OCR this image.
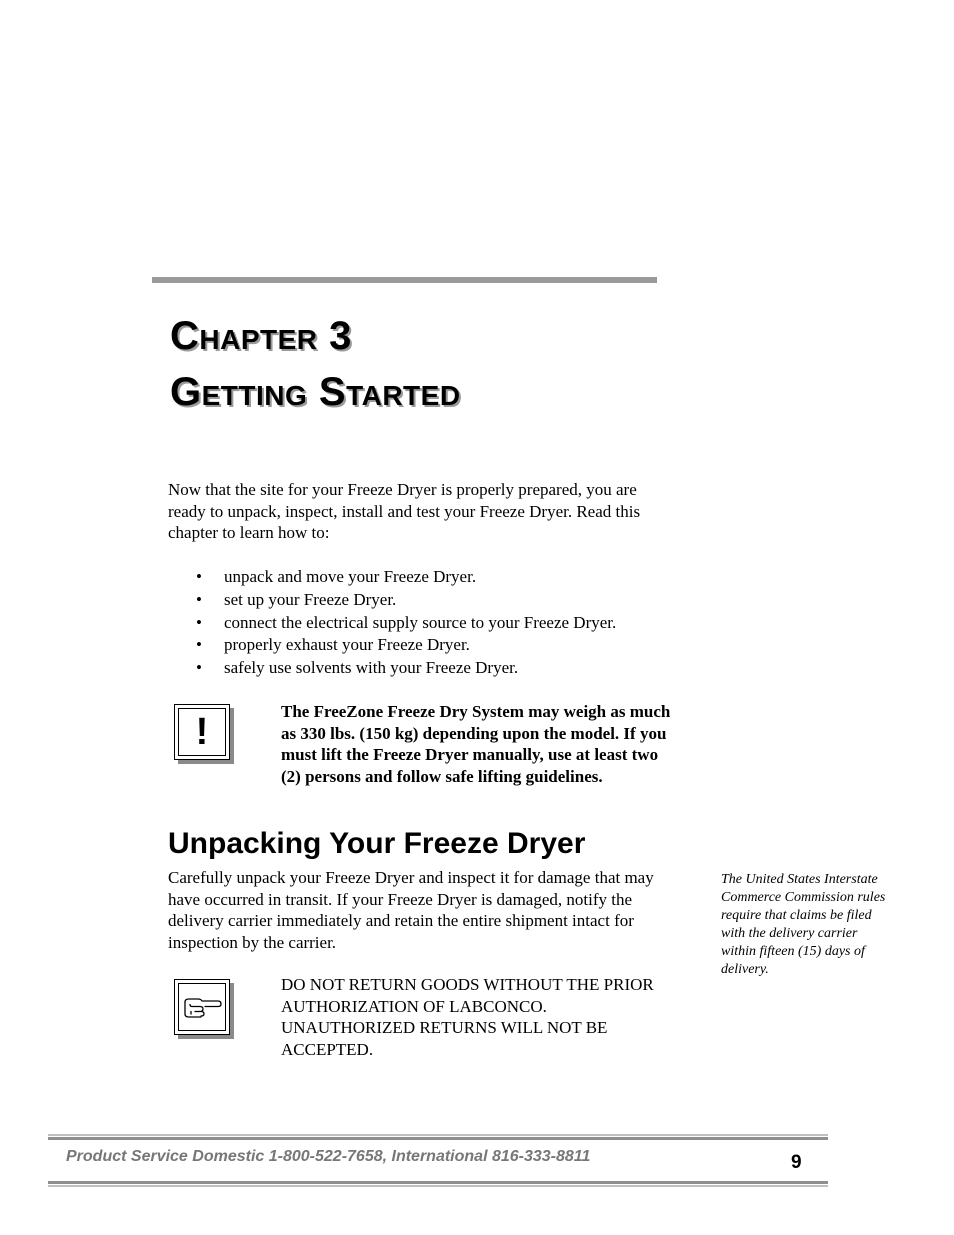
Chapter 3
Getting Started
Now that the site for your Freeze Dryer is properly prepared, you are ready to unpack, inspect, install and test your Freeze Dryer. Read this chapter to learn how to:
• unpack and move your Freeze Dryer.
• set up your Freeze Dryer.
• connect the electrical supply source to your Freeze Dryer.
• properly exhaust your Freeze Dryer.
• safely use solvents with your Freeze Dryer.
!	The FreeZone Freeze Dry System may weigh as much as 330 lbs. (150 kg) depending upon the model. If you must lift the Freeze Dryer manually, use at least two (2) persons and follow safe lifting guidelines.
Unpacking Your Freeze Dryer
Carefully unpack your Freeze Dryer and inspect it for damage that may have occurred in transit. If your Freeze Dryer is damaged, notify the delivery carrier immediately and retain the entire shipment intact for inspection by the carrier.
The United States Interstate Commerce Commission rules require that claims be filed with the delivery carrier within fifteen (15) days of delivery.
DO NOT RETURN GOODS WITHOUT THE PRIOR AUTHORIZATION OF LABCONCO. UNAUTHORIZED RETURNS WILL NOT BE ACCEPTED.
Product Service Domestic 1-800-522-7658, International 816-333-8811	9
